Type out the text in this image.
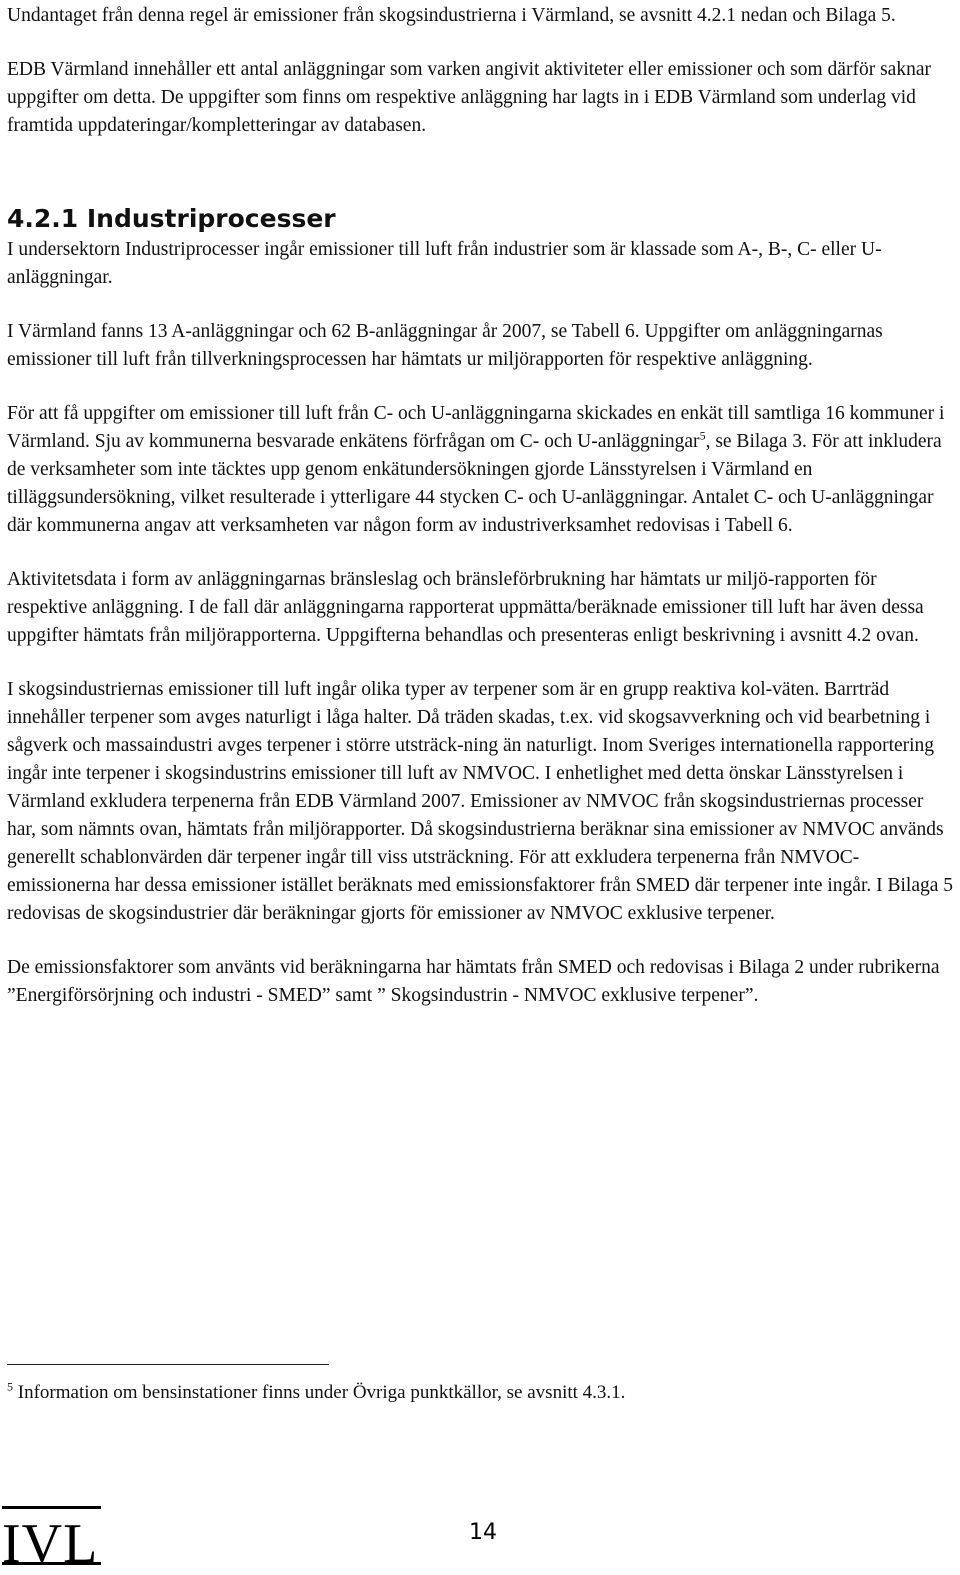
Undantaget från denna regel är emissioner från skogsindustrierna i Värmland, se avsnitt 4.2.1 nedan och Bilaga 5.

EDB Värmland innehåller ett antal anläggningar som varken angivit aktiviteter eller emissioner och som därför saknar uppgifter om detta. De uppgifter som finns om respektive anläggning har lagts in i EDB Värmland som underlag vid framtida uppdateringar/kompletteringar av databasen.

4.2.1 Industriprocesser

I undersektorn Industriprocesser ingår emissioner till luft från industrier som är klassade som A-, B-, C- eller U-anläggningar.

I Värmland fanns 13 A-anläggningar och 62 B-anläggningar år 2007, se Tabell 6. Uppgifter om anläggningarnas emissioner till luft från tillverkningsprocessen har hämtats ur miljörapporten för respektive anläggning.

För att få uppgifter om emissioner till luft från C- och U-anläggningarna skickades en enkät till samtliga 16 kommuner i Värmland. Sju av kommunerna besvarade enkätens förfrågan om C- och U-anläggningar$^5$, se Bilaga 3. För att inkludera de verksamheter som inte täcktes upp genom enkätundersökningen gjorde Länsstyrelsen i Värmland en tilläggsundersökning, vilket resulterade i ytterligare 44 stycken C- och U-anläggningar. Antalet C- och U-anläggningar där kommunerna angav att verksamheten var någon form av industriverksamhet redovisas i Tabell 6.

Aktivitetsdata i form av anläggningarnas bränsleslag och bränsleförbrukning har hämtats ur miljö-rapporten för respektive anläggning. I de fall där anläggningarna rapporterat uppmätta/beräknade emissioner till luft har även dessa uppgifter hämtats från miljörapporterna. Uppgifterna behandlas och presenteras enligt beskrivning i avsnitt 4.2 ovan.

I skogsindustriernas emissioner till luft ingår olika typer av terpener som är en grupp reaktiva kol-väten. Barrträd innehåller terpener som avges naturligt i låga halter. Då träden skadas, t.ex. vid skogsavverkning och vid bearbetning i sågverk och massaindustri avges terpener i större utsträck-ning än naturligt. Inom Sveriges internationella rapportering ingår inte terpener i skogsindustrins emissioner till luft av NMVOC. I enhetlighet med detta önskar Länsstyrelsen i Värmland exkludera terpenerna från EDB Värmland 2007. Emissioner av NMVOC från skogsindustriernas processer har, som nämnts ovan, hämtats från miljörapporter. Då skogsindustrierna beräknar sina emissioner av NMVOC används generellt schablonvärden där terpener ingår till viss utsträckning. För att exkludera terpenerna från NMVOC-emissionerna har dessa emissioner istället beräknats med emissionsfaktorer från SMED där terpener inte ingår. I Bilaga 5 redovisas de skogsindustrier där beräkningar gjorts för emissioner av NMVOC exklusive terpener.

De emissionsfaktorer som använts vid beräkningarna har hämtats från SMED och redovisas i Bilaga 2 under rubrikerna ”Energiförsörjning och industri - SMED” samt ” Skogsindustrin - NMVOC exklusive terpener”.

$^5$ Information om bensinstationer finns under Övriga punktkällor, se avsnitt 4.3.1.

IVL	14
